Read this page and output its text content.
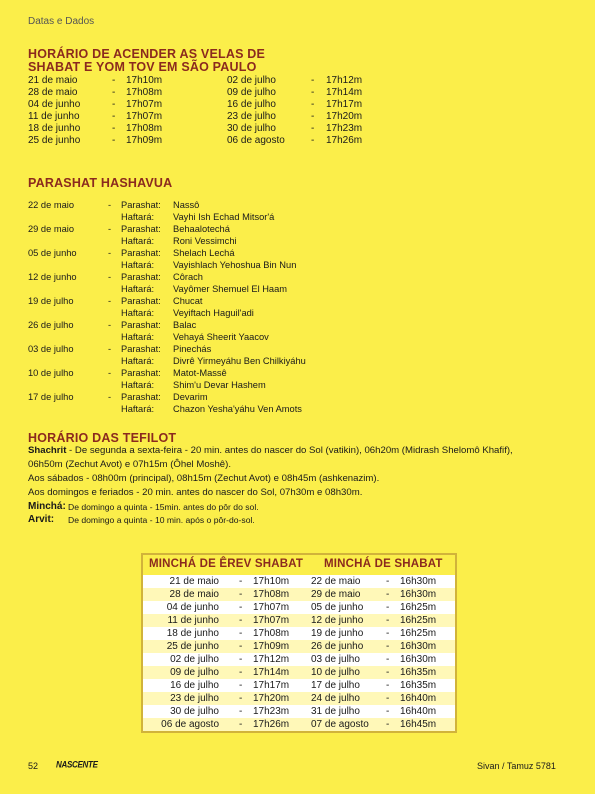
Datas e Dados
HORÁRIO DE ACENDER AS VELAS DE
SHABAT E YOM TOV EM SÃO PAULO
21 de maio	- 17h10m
28 de maio	- 17h08m
04 de junho	- 17h07m
11 de junho	- 17h07m
18 de junho	- 17h08m
25 de junho	- 17h09m
02 de julho	- 17h12m
09 de julho	- 17h14m
16 de julho	- 17h17m
23 de julho	- 17h20m
30 de julho	- 17h23m
06 de agosto	- 17h26m
PARASHAT HASHAVUA
22 de maio	- Parashat: Nassô
Haftará: Vayhi Ish Echad Mitsor'á
29 de maio	- Parashat: Behaalotechá
Haftará: Roni Vessimchi
05 de junho	- Parashat: Shelach Lechá
Haftará: Vayishlach Yehoshua Bin Nun
12 de junho	- Parashat: Côrach
Haftará: Vayômer Shemuel El Haam
19 de julho	- Parashat: Chucat
Haftará: Veyiftach Haguil'adi
26 de julho	- Parashat: Balac
Haftará: Vehayá Sheerit Yaacov
03 de julho	- Parashat: Pinechás
Haftará: Divrê Yirmeyáhu Ben Chilkiyáhu
10 de julho	- Parashat: Matot-Massê
Haftará: Shim'u Devar Hashem
17 de julho	- Parashat: Devarim
Haftará: Chazon Yesha'yáhu Ven Amots
HORÁRIO DAS TEFILOT
Shachrit - De segunda a sexta-feira - 20 min. antes do nascer do Sol (vatikin), 06h20m (Midrash Shelomô Khafif),
06h50m (Zechut Avot) e 07h15m (Ôhel Moshê).
Aos sábados - 08h00m (principal), 08h15m (Zechut Avot) e 08h45m (ashkenazim).
Aos domingos e feriados - 20 min. antes do nascer do Sol, 07h30m e 08h30m.
Minchá: De domingo a quinta - 15min. antes do pôr do sol.
Arvit: De domingo a quinta - 10 min. após o pôr-do-sol.
MINCHÁ DE ÊREV SHABAT MINCHÁ DE SHABAT
21 de maio - 17h10m 22 de maio	- 16h30m
28 de maio - 17h08m 29 de maio	- 16h30m
04 de junho - 17h07m 05 de junho - 16h25m
11 de junho - 17h07m 12 de junho - 16h25m
18 de junho - 17h08m 19 de junho - 16h25m
25 de junho - 17h09m 26 de junho - 16h30m
02 de julho - 17h12m 03 de julho	- 16h30m
09 de julho - 17h14m 10 de julho	- 16h35m
16 de julho - 17h17m 17 de julho	- 16h35m
23 de julho - 17h20m 24 de julho	- 16h40m
30 de julho - 17h23m 31 de julho	- 16h40m
06 de agosto - 17h26m 07 de agosto - 16h45m
52 NASCENTE	Sivan / Tamuz 5781
